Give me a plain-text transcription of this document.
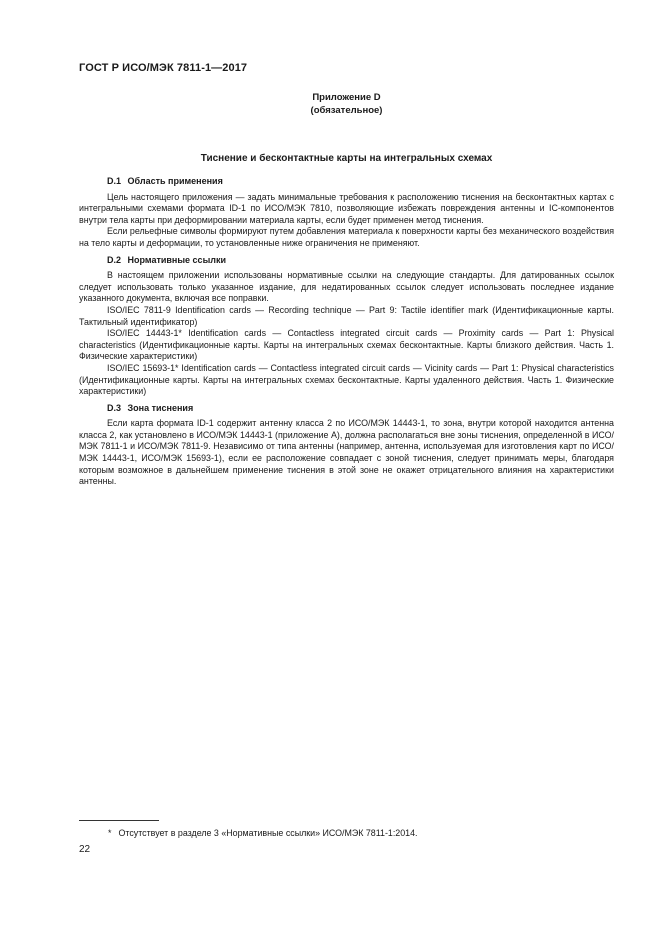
ГОСТ Р ИСО/МЭК 7811-1—2017
Приложение D
(обязательное)
Тиснение и бесконтактные карты на интегральных схемах
D.1 Область применения

Цель настоящего приложения — задать минимальные требования к расположению тиснения на бесконтактных картах с интегральными схемами формата ID-1 по ИСО/МЭК 7810, позволяющие избежать повреждения антенны и IC-компонентов внутри тела карты при деформировании материала карты, если будет применен метод тиснения.

Если рельефные символы формируют путем добавления материала к поверхности карты без механического воздействия на тело карты и деформации, то установленные ниже ограничения не применяют.

D.2 Нормативные ссылки

В настоящем приложении использованы нормативные ссылки на следующие стандарты. Для датированных ссылок следует использовать только указанное издание, для недатированных ссылок следует использовать последнее издание указанного документа, включая все поправки.

ISO/IEC 7811-9 Identification cards — Recording technique — Part 9: Tactile identifier mark (Идентификационные карты. Тактильный идентификатор)

ISO/IEC 14443-1* Identification cards — Contactless integrated circuit cards — Proximity cards — Part 1: Physical characteristics (Идентификационные карты. Карты на интегральных схемах бесконтактные. Карты близкого действия. Часть 1. Физические характеристики)

ISO/IEC 15693-1* Identification cards — Contactless integrated circuit cards — Vicinity cards — Part 1: Physical characteristics (Идентификационные карты. Карты на интегральных схемах бесконтактные. Карты удаленного действия. Часть 1. Физические характеристики)

D.3 Зона тиснения

Если карта формата ID-1 содержит антенну класса 2 по ИСО/МЭК 14443-1, то зона, внутри которой находится антенна класса 2, как установлено в ИСО/МЭК 14443-1 (приложение А), должна располагаться вне зоны тиснения, определенной в ИСО/МЭК 7811-1 и ИСО/МЭК 7811-9. Независимо от типа антенны (например, антенна, используемая для изготовления карт по ИСО/МЭК 14443-1, ИСО/МЭК 15693-1), если ее расположение совпадает с зоной тиснения, следует принимать меры, благодаря которым возможное в дальнейшем применение тиснения в этой зоне не окажет отрицательного влияния на характеристики антенны.

* Отсутствует в разделе 3 «Нормативные ссылки» ИСО/МЭК 7811-1:2014.
22
